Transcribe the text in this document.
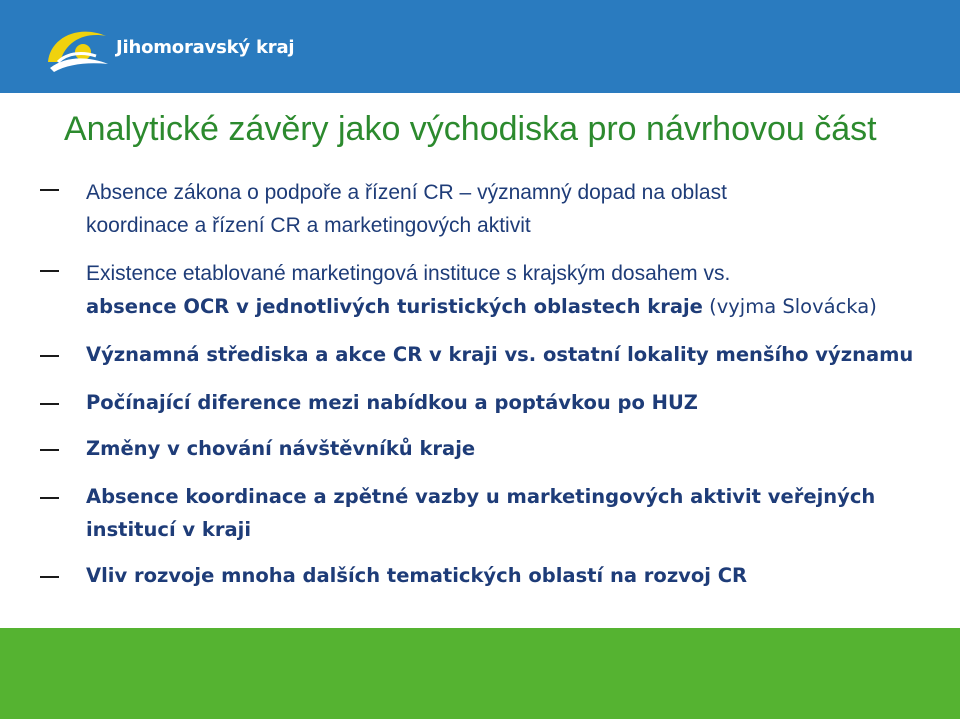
Jihomoravský kraj
Analytické závěry jako východiska pro návrhovou část
Absence zákona o podpoře a řízení CR – významný dopad na oblast
koordinace a řízení CR a marketingových aktivit
Existence etablované marketingová instituce s krajským dosahem vs.
absence OCR v jednotlivých turistických oblastech kraje (vyjma Slovácka)
Významná střediska a akce CR v kraji vs. ostatní lokality menšího významu
Počínající diference mezi nabídkou a poptávkou po HUZ
Změny v chování návštěvníků kraje
Absence koordinace a zpětné vazby u marketingových aktivit veřejných
institucí v kraji
Vliv rozvoje mnoha dalších tematických oblastí na rozvoj CR
